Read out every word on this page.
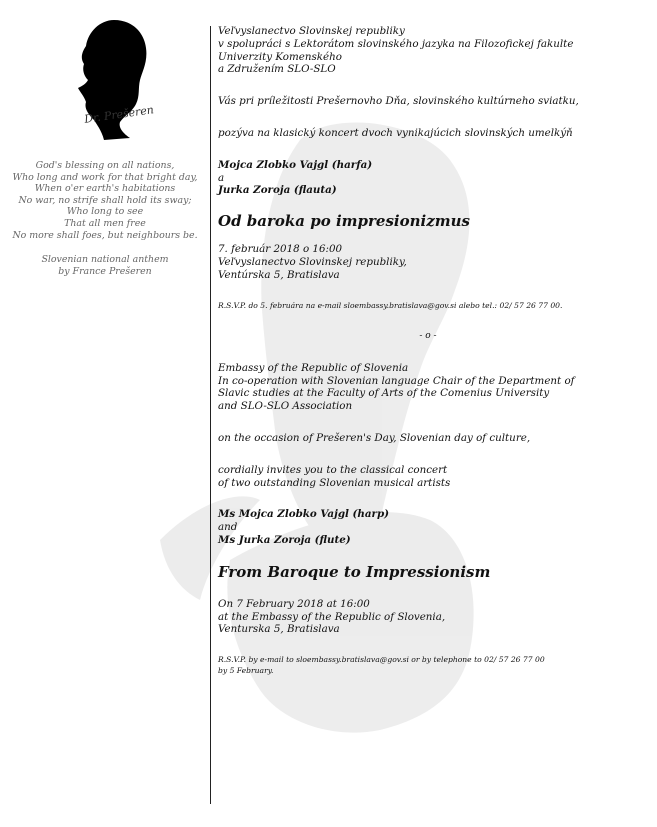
Dr. Prešeren
God's blessing on all nations,
Who long and work for that bright day,
When o'er earth's habitations
No war, no strife shall hold its sway;
Who long to see
That all men free
No more shall foes, but neighbours be.
Slovenian national anthem
by France Prešeren
Veľvyslanectvo Slovinskej republiky
v spolupráci s Lektorátom slovinského jazyka na Filozofickej fakulte
Univerzity Komenského
a Združením SLO-SLO
Vás pri príležitosti Prešernovho Dňa, slovinského kultúrneho sviatku,
pozýva na klasický koncert dvoch vynikajúcich slovinských umelkýň
Mojca Zlobko Vajgl (harfa)
a
Jurka Zoroja (flauta)
Od baroka po impresionizmus
7. február 2018 o 16:00
Veľvyslanectvo Slovinskej republiky,
Ventúrska 5, Bratislava
R.S.V.P. do 5. februára na e-mail sloembassy.bratislava@gov.si alebo tel.: 02/ 57 26 77 00.
- o -
Embassy of the Republic of Slovenia
In co-operation with Slovenian language Chair of the Department of
Slavic studies at the Faculty of Arts of the Comenius University
and SLO-SLO Association
on the occasion of Prešeren's Day, Slovenian day of culture,
cordially invites you to the classical concert
of two outstanding Slovenian musical artists
Ms Mojca Zlobko Vajgl (harp)
and
Ms Jurka Zoroja (flute)
From Baroque to Impressionism
On 7 February 2018 at 16:00
at the Embassy of the Republic of Slovenia,
Venturska 5, Bratislava
R.S.V.P. by e-mail to sloembassy.bratislava@gov.si or by telephone to 02/ 57 26 77 00
by 5 February.
